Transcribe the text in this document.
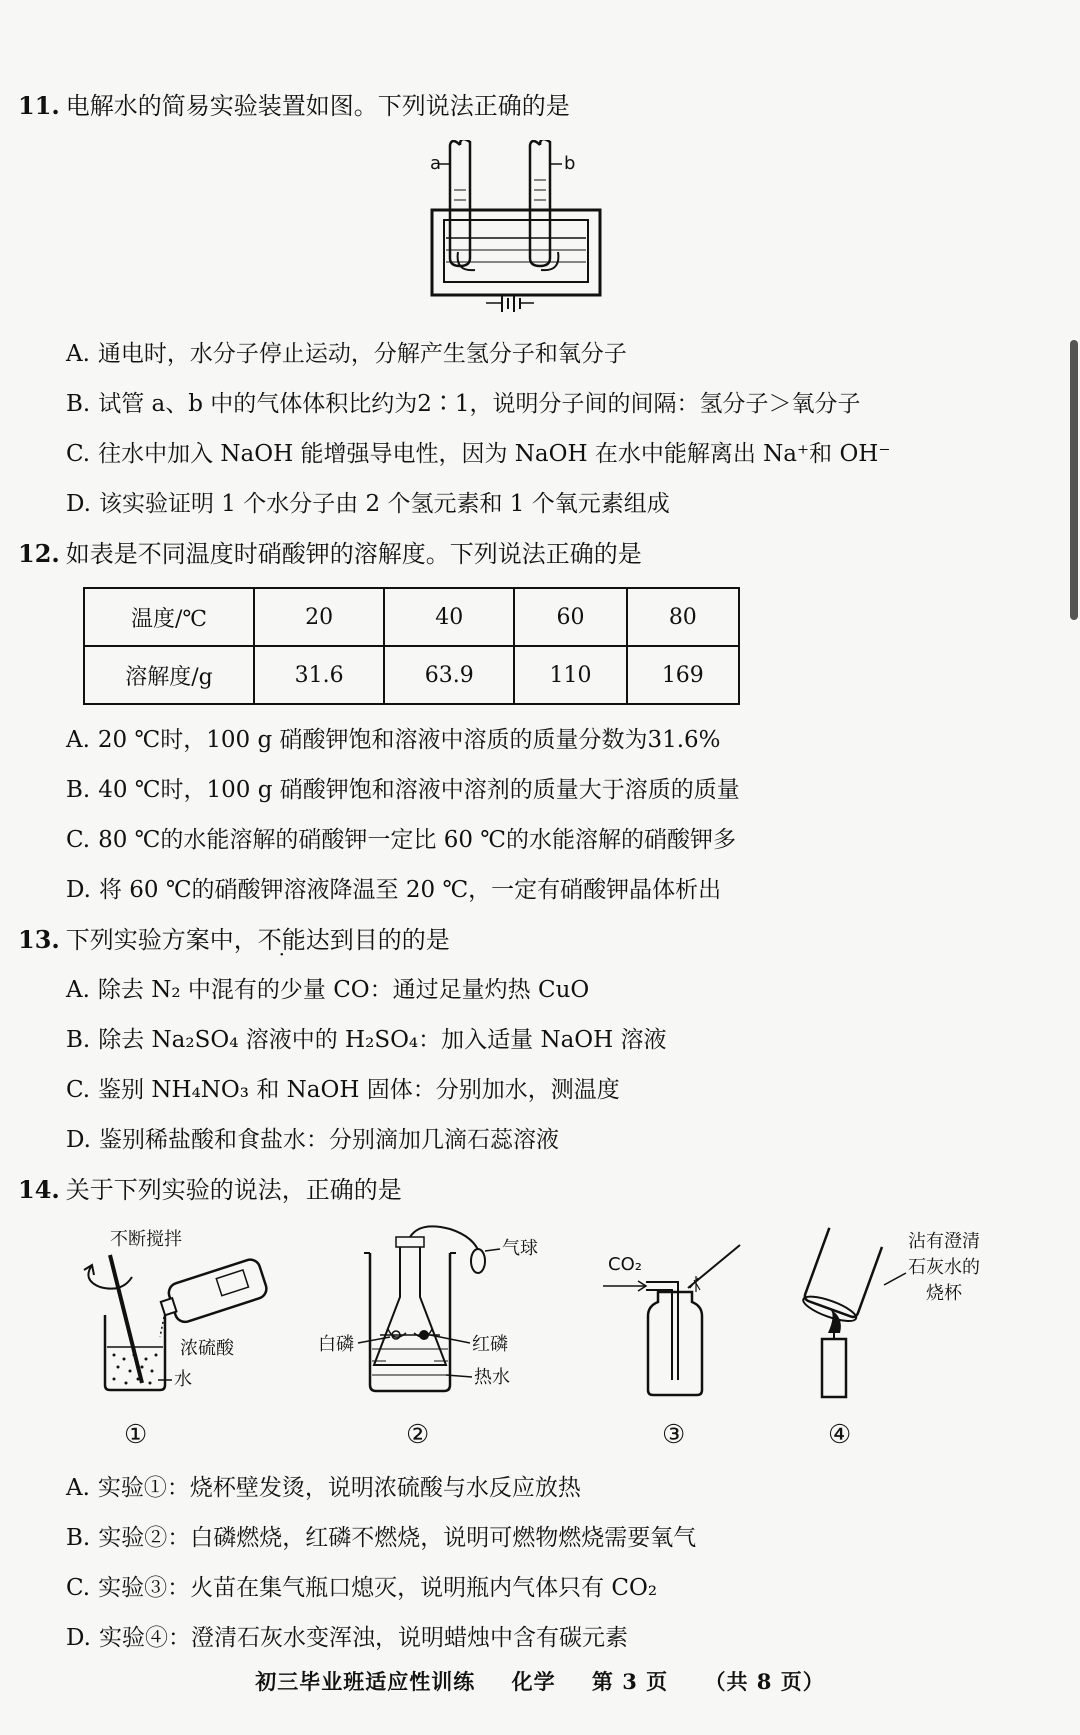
11. 电解水的简易实验装置如图。下列说法正确的是
a	b
A. 通电时，水分子停止运动，分解产生氢分子和氧分子
B. 试管 a、b 中的气体体积比约为2∶1，说明分子间的间隔：氢分子＞氧分子
C. 往水中加入 NaOH 能增强导电性，因为 NaOH 在水中能解离出 Na⁺和 OH⁻
D. 该实验证明 1 个水分子由 2 个氢元素和 1 个氧元素组成
12. 如表是不同温度时硝酸钾的溶解度。下列说法正确的是
温度/℃	20	40	60	80
溶解度/g	31.6	63.9	110	169
A. 20 ℃时，100 g 硝酸钾饱和溶液中溶质的质量分数为31.6%
B. 40 ℃时，100 g 硝酸钾饱和溶液中溶剂的质量大于溶质的质量
C. 80 ℃的水能溶解的硝酸钾一定比 60 ℃的水能溶解的硝酸钾多
D. 将 60 ℃的硝酸钾溶液降温至 20 ℃，一定有硝酸钾晶体析出
13. 下列实验方案中，不能达到目的的是
A. 除去 N₂ 中混有的少量 CO：通过足量灼热 CuO
B. 除去 Na₂SO₄ 溶液中的 H₂SO₄：加入适量 NaOH 溶液
C. 鉴别 NH₄NO₃ 和 NaOH 固体：分别加水，测温度
D. 鉴别稀盐酸和食盐水：分别滴加几滴石蕊溶液
14. 关于下列实验的说法，正确的是
不断搅拌
浓硫酸
水
①
气球
白磷	红磷
热水
②
CO₂
③
沾有澄清
石灰水的
烧杯
④
A. 实验①：烧杯壁发烫，说明浓硫酸与水反应放热
B. 实验②：白磷燃烧，红磷不燃烧，说明可燃物燃烧需要氧气
C. 实验③：火苗在集气瓶口熄灭，说明瓶内气体只有 CO₂
D. 实验④：澄清石灰水变浑浊，说明蜡烛中含有碳元素
初三毕业班适应性训练 化学 第 3 页 （共 8 页）
